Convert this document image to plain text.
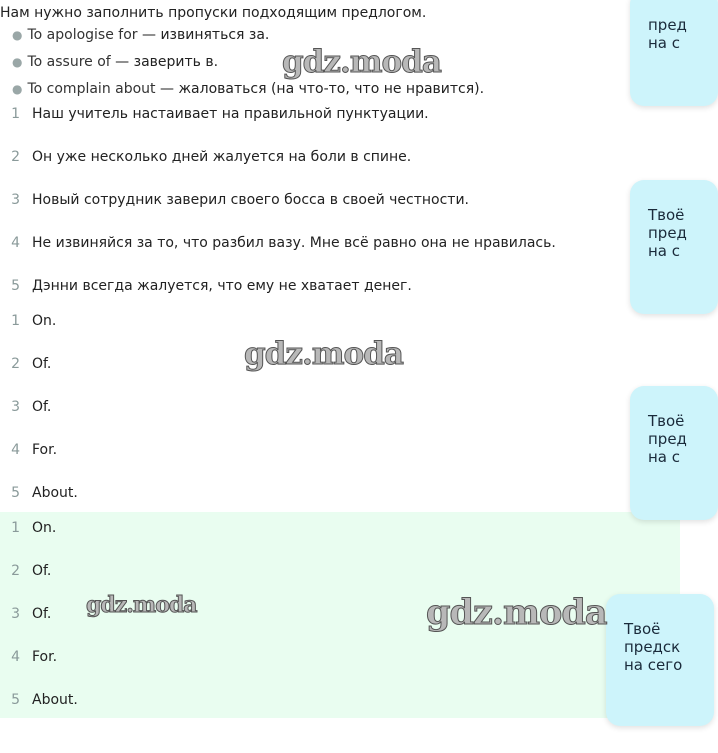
Нам нужно заполнить пропуски подходящим предлогом.
● To apologise for — извиняться за.
● To assure of — заверить в.
● To complain about — жаловаться (на что-то, что не нравится).
1 Наш учитель настаивает на правильной пунктуации.
2 Он уже несколько дней жалуется на боли в спине.
3 Новый сотрудник заверил своего босса в своей честности.
4 Не извиняйся за то, что разбил вазу. Мне всё равно она не нравилась.
5 Дэнни всегда жалуется, что ему не хватает денег.
1 On.
2 Of.
3 Of.
4 For.
5 About.
1 On.
2 Of.
3 Of.
4 For.
5 About.
пред
на с
Твоё
пред
на с
Твоё
пред
на с
Твоё
предск
на сего
gdz.moda
gdz.moda
gdz.moda	gdz.moda
